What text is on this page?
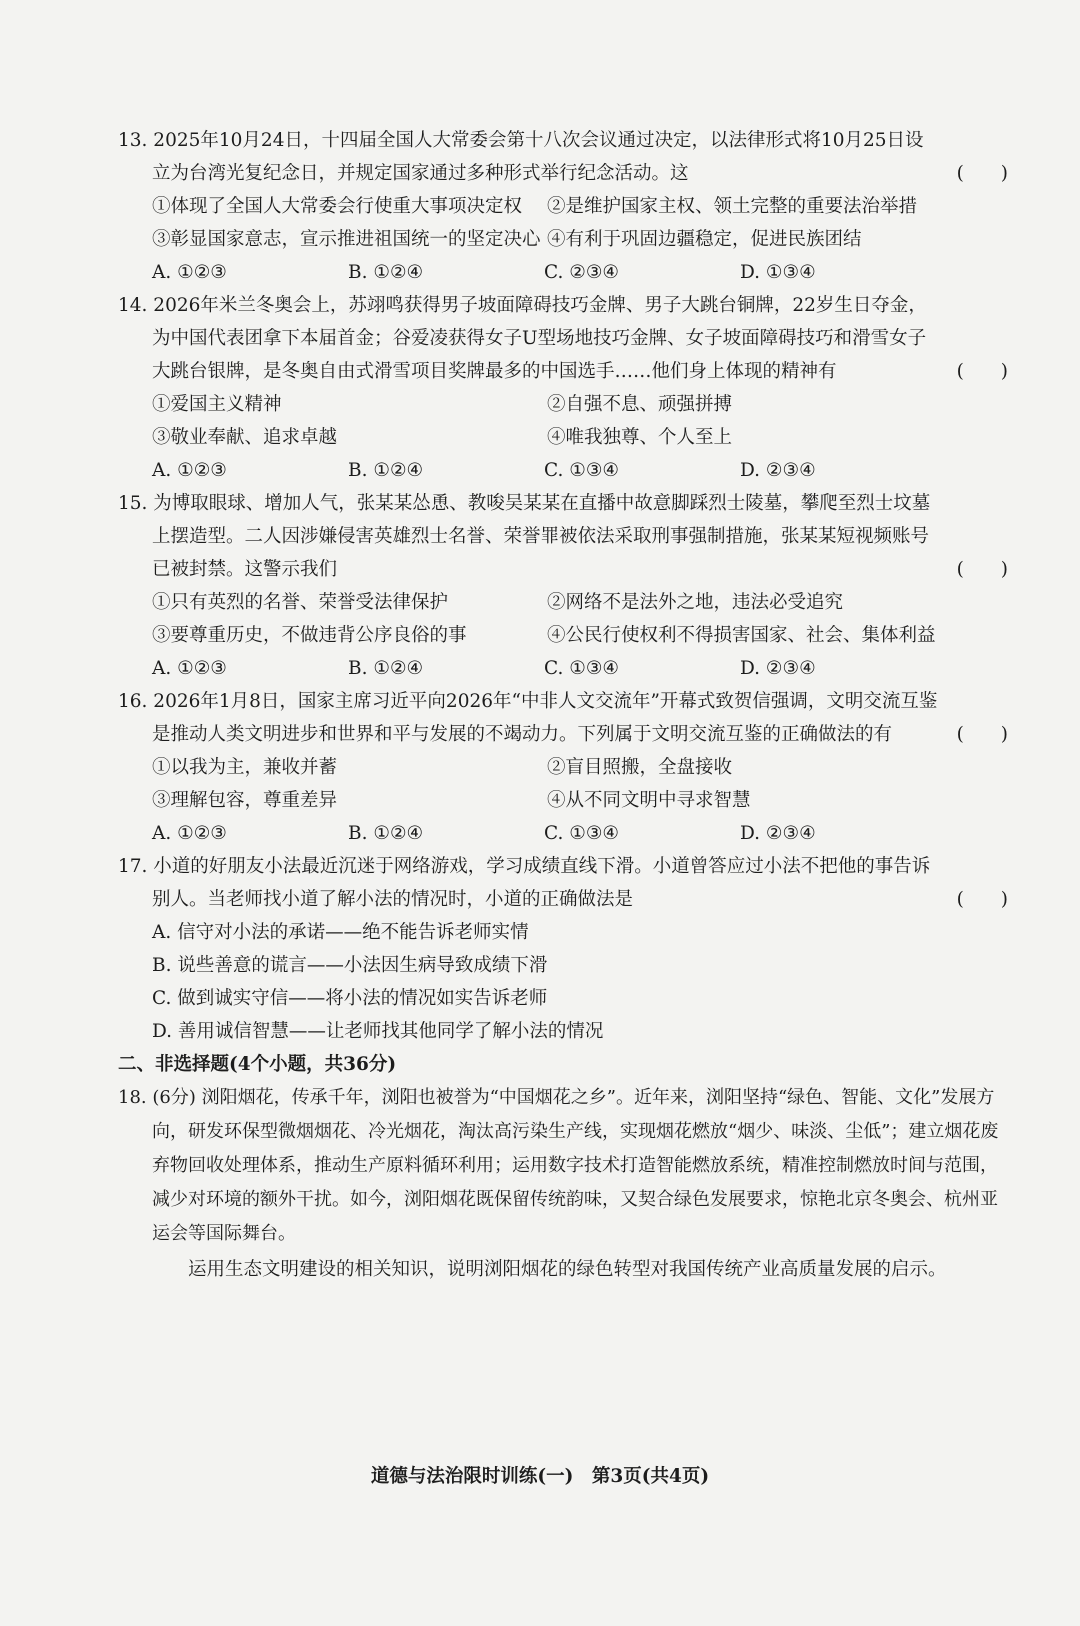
13. 2025年10月24日，十四届全国人大常委会第十八次会议通过决定，以法律形式将10月25日设立为台湾光复纪念日，并规定国家通过多种形式举行纪念活动。这	(　　)
①体现了全国人大常委会行使重大事项决定权	②是维护国家主权、领土完整的重要法治举措
③彰显国家意志，宣示推进祖国统一的坚定决心 ④有利于巩固边疆稳定，促进民族团结
A. ①②③	B. ①②④	C. ②③④	D. ①③④
14. 2026年米兰冬奥会上，苏翊鸣获得男子坡面障碍技巧金牌、男子大跳台铜牌，22岁生日夺金，为中国代表团拿下本届首金；谷爱凌获得女子U型场地技巧金牌、女子坡面障碍技巧和滑雪女子大跳台银牌，是冬奥自由式滑雪项目奖牌最多的中国选手……他们身上体现的精神有	(　　)
①爱国主义精神	②自强不息、顽强拼搏
③敬业奉献、追求卓越	④唯我独尊、个人至上
A. ①②③	B. ①②④	C. ①③④	D. ②③④
15. 为博取眼球、增加人气，张某某怂恿、教唆吴某某在直播中故意脚踩烈士陵墓，攀爬至烈士坟墓上摆造型。二人因涉嫌侵害英雄烈士名誉、荣誉罪被依法采取刑事强制措施，张某某短视频账号已被封禁。这警示我们	(　　)
①只有英烈的名誉、荣誉受法律保护	②网络不是法外之地，违法必受追究
③要尊重历史，不做违背公序良俗的事	④公民行使权利不得损害国家、社会、集体利益
A. ①②③	B. ①②④	C. ①③④	D. ②③④
16. 2026年1月8日，国家主席习近平向2026年“中非人文交流年”开幕式致贺信强调，文明交流互鉴是推动人类文明进步和世界和平与发展的不竭动力。下列属于文明交流互鉴的正确做法的有	(　　)
①以我为主，兼收并蓄	②盲目照搬，全盘接收
③理解包容，尊重差异	④从不同文明中寻求智慧
A. ①②③	B. ①②④	C. ①③④	D. ②③④
17. 小道的好朋友小法最近沉迷于网络游戏，学习成绩直线下滑。小道曾答应过小法不把他的事告诉别人。当老师找小道了解小法的情况时，小道的正确做法是	(　　)
A. 信守对小法的承诺——绝不能告诉老师实情
B. 说些善意的谎言——小法因生病导致成绩下滑
C. 做到诚实守信——将小法的情况如实告诉老师
D. 善用诚信智慧——让老师找其他同学了解小法的情况
二、非选择题(4个小题，共36分)
18. (6分) 浏阳烟花，传承千年，浏阳也被誉为“中国烟花之乡”。近年来，浏阳坚持“绿色、智能、文化”发展方向，研发环保型微烟烟花、冷光烟花，淘汰高污染生产线，实现烟花燃放“烟少、味淡、尘低”；建立烟花废弃物回收处理体系，推动生产原料循环利用；运用数字技术打造智能燃放系统，精准控制燃放时间与范围，减少对环境的额外干扰。如今，浏阳烟花既保留传统韵味，又契合绿色发展要求，惊艳北京冬奥会、杭州亚运会等国际舞台。
运用生态文明建设的相关知识，说明浏阳烟花的绿色转型对我国传统产业高质量发展的启示。
道德与法治限时训练(一) 第3页(共4页)
